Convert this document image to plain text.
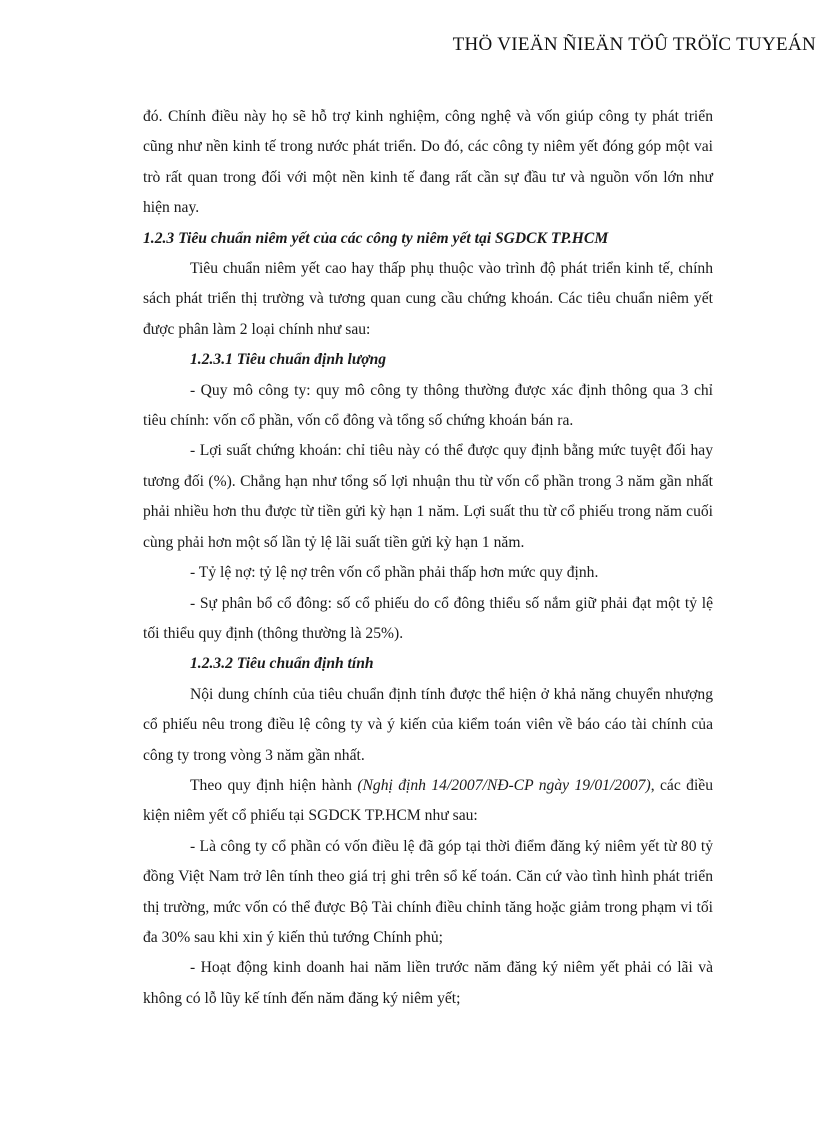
THÖ VIEÄN ÑIEÄN TÖÛ TRÖÏC TUYEÁN

đó. Chính điều này họ sẽ hỗ trợ kinh nghiệm, công nghệ và vốn giúp công ty phát triển cũng như nền kinh tế trong nước phát triển. Do đó, các công ty niêm yết đóng góp một vai trò rất quan trong đối với một nền kinh tế đang rất cần sự đầu tư và nguồn vốn lớn như hiện nay.

1.2.3 Tiêu chuẩn niêm yết của các công ty niêm yết tại SGDCK TP.HCM

Tiêu chuẩn niêm yết cao hay thấp phụ thuộc vào trình độ phát triển kinh tế, chính sách phát triển thị trường và tương quan cung cầu chứng khoán. Các tiêu chuẩn niêm yết được phân làm 2 loại chính như sau:

1.2.3.1 Tiêu chuẩn định lượng

- Quy mô công ty: quy mô công ty thông thường được xác định thông qua 3 chỉ tiêu chính: vốn cổ phần, vốn cổ đông và tổng số chứng khoán bán ra.

- Lợi suất chứng khoán: chỉ tiêu này có thể được quy định bằng mức tuyệt đối hay tương đối (%). Chẳng hạn như tổng số lợi nhuận thu từ vốn cổ phần trong 3 năm gần nhất phải nhiều hơn thu được từ tiền gửi kỳ hạn 1 năm. Lợi suất thu từ cổ phiếu trong năm cuối cùng phải hơn một số lần tỷ lệ lãi suất tiền gửi kỳ hạn 1 năm.

- Tỷ lệ nợ: tỷ lệ nợ trên vốn cổ phần phải thấp hơn mức quy định.

- Sự phân bổ cổ đông: số cổ phiếu do cổ đông thiểu số nắm giữ phải đạt một tỷ lệ tối thiểu quy định (thông thường là 25%).

1.2.3.2 Tiêu chuẩn định tính

Nội dung chính của tiêu chuẩn định tính được thể hiện ở khả năng chuyển nhượng cổ phiếu nêu trong điều lệ công ty và ý kiến của kiểm toán viên về báo cáo tài chính của công ty trong vòng 3 năm gần nhất.

Theo quy định hiện hành (Nghị định 14/2007/NĐ-CP ngày 19/01/2007), các điều kiện niêm yết cổ phiếu tại SGDCK TP.HCM như sau:

- Là công ty cổ phần có vốn điều lệ đã góp tại thời điểm đăng ký niêm yết từ 80 tỷ đồng Việt Nam trở lên tính theo giá trị ghi trên sổ kế toán. Căn cứ vào tình hình phát triển thị trường, mức vốn có thể được Bộ Tài chính điều chỉnh tăng hoặc giảm trong phạm vi tối đa 30% sau khi xin ý kiến thủ tướng Chính phủ;

- Hoạt động kinh doanh hai năm liền trước năm đăng ký niêm yết phải có lãi và không có lỗ lũy kế tính đến năm đăng ký niêm yết;
